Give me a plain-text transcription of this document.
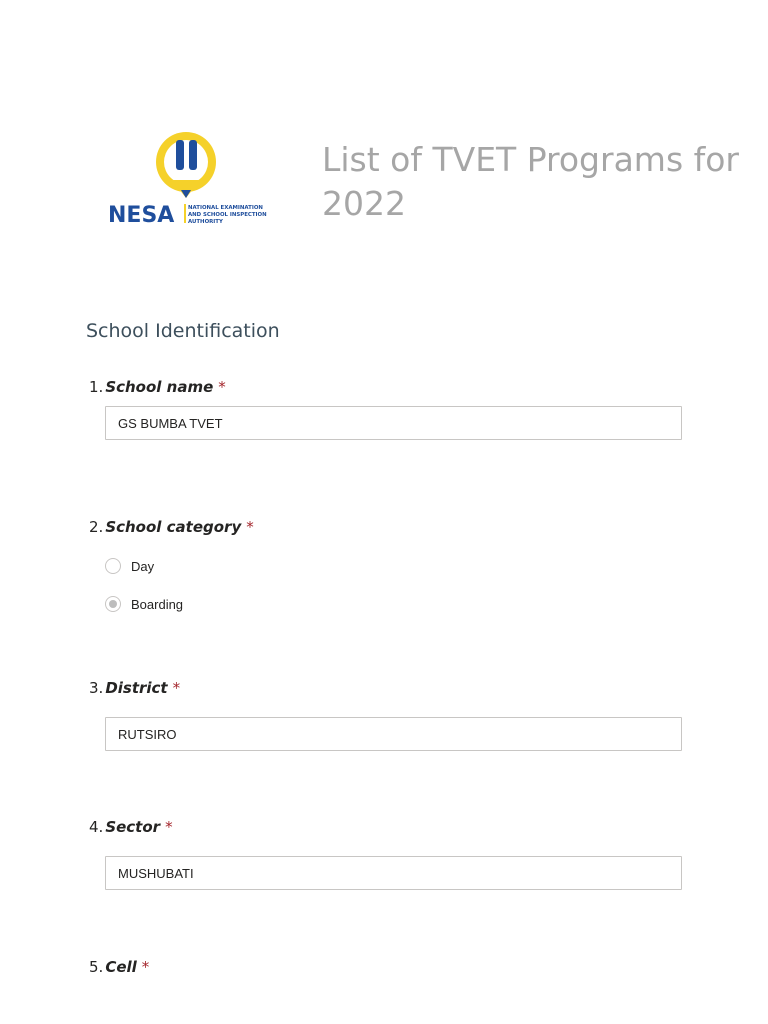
NESA	NATIONAL EXAMINATION
AND SCHOOL INSPECTION
AUTHORITY
List of TVET Programs for 2022
School Identification
1. School name *
GS BUMBA TVET
2. School category *
Day
Boarding
3. District *
RUTSIRO
4. Sector *
MUSHUBATI
5. Cell *
